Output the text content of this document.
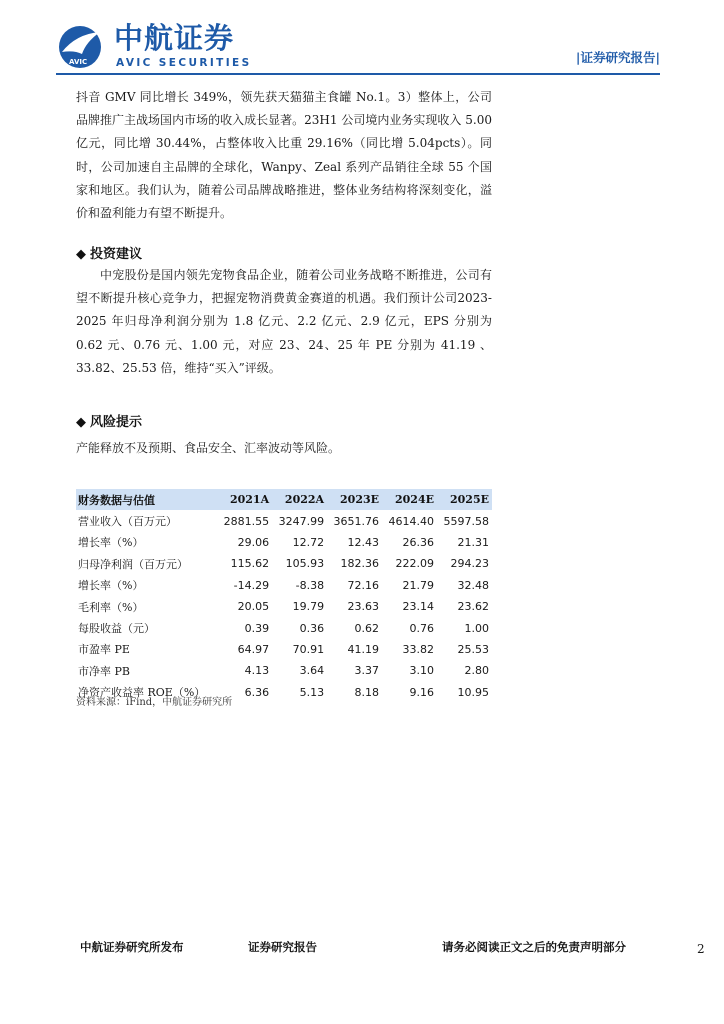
AVIC
中航证券
AVIC SECURITIES	|证券研究报告|
抖音 GMV 同比增长 349%，领先获天猫猫主食罐 No.1。3）整体上，公司品牌推广主战场国内市场的收入成长显著。23H1 公司境内业务实现收入 5.00 亿元，同比增 30.44%，占整体收入比重 29.16%（同比增 5.04pcts）。同时，公司加速自主品牌的全球化，Wanpy、Zeal 系列产品销往全球 55 个国家和地区。我们认为，随着公司品牌战略推进，整体业务结构将深刻变化，溢价和盈利能力有望不断提升。
◆ 投资建议
中宠股份是国内领先宠物食品企业，随着公司业务战略不断推进，公司有望不断提升核心竞争力，把握宠物消费黄金赛道的机遇。我们预计公司2023-2025 年归母净利润分别为 1.8 亿元、2.2 亿元、2.9 亿元，EPS 分别为 0.62 元、0.76 元、1.00 元，对应 23、24、25 年 PE 分别为 41.19 、33.82、25.53 倍，维持“买入”评级。
◆ 风险提示
产能释放不及预期、食品安全、汇率波动等风险。
财务数据与估值	2021A	2022A	2023E	2024E	2025E
营业收入（百万元）	2881.55	3247.99	3651.76	4614.40	5597.58
增长率（%）	29.06	12.72	12.43	26.36	21.31
归母净利润（百万元）	115.62	105.93	182.36	222.09	294.23
增长率（%）	-14.29	-8.38	72.16	21.79	32.48
毛利率（%）	20.05	19.79	23.63	23.14	23.62
每股收益（元）	0.39	0.36	0.62	0.76	1.00
市盈率 PE	64.97	70.91	41.19	33.82	25.53
市净率 PB	4.13	3.64	3.37	3.10	2.80
净资产收益率 ROE（%）	6.36	5.13	8.18	9.16	10.95
资料来源：iFind，中航证券研究所
中航证券研究所发布	证券研究报告	请务必阅读正文之后的免责声明部分	2
